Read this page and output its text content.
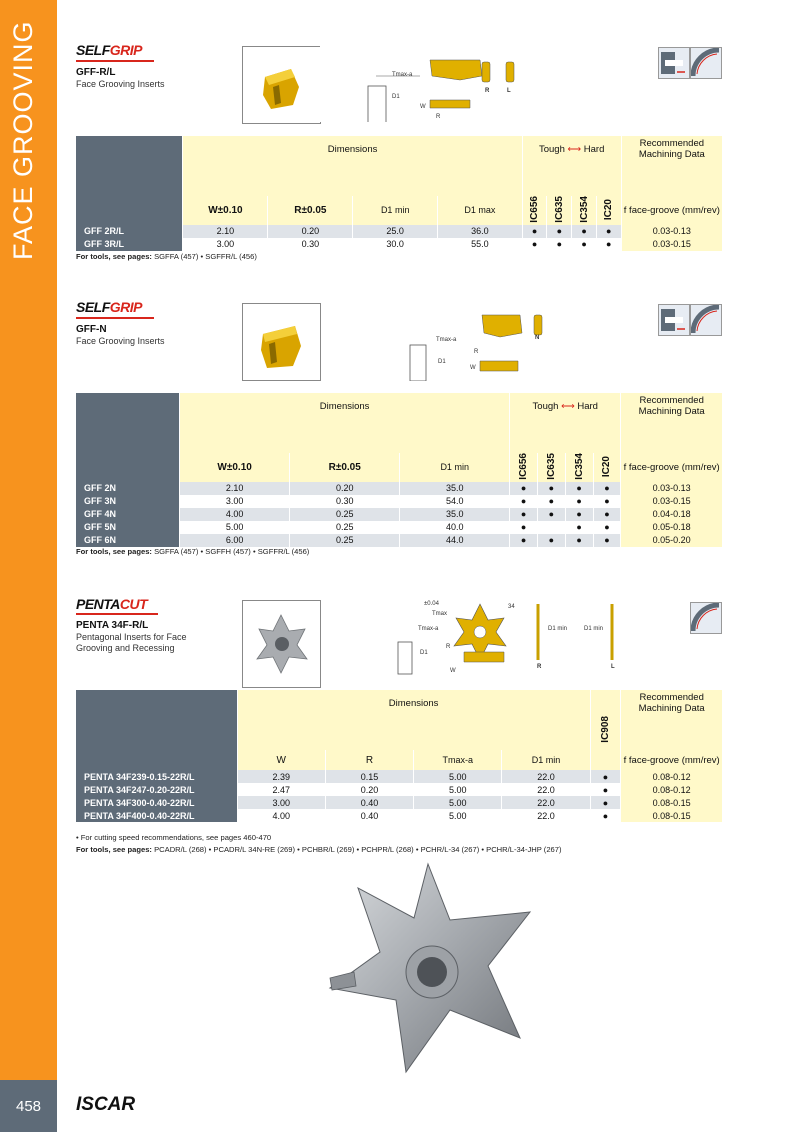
FACE GROOVING
458	ISCAR
SELFGRIP
GFF-R/L
Face Grooving Inserts
Tmax-a
D1
W
R
R	L
	Dimensions				Tough ⟷ Hard				Recommended Machining Data
	W±0.10	R±0.05	D1 min	D1 max	IC656	IC635	IC354	IC20	f face-groove (mm/rev)
GFF 2R/L	2.10	0.20	25.0	36.0	●	●	●	●	0.03-0.13
GFF 3R/L	3.00	0.30	30.0	55.0	●	●	●	●	0.03-0.15
For tools, see pages: SGFFA (457) • SGFFR/L (456)
SELFGRIP
GFF-N
Face Grooving Inserts	Tmax-a
D1
W
R
N
	Dimensions			Tough ⟷ Hard				Recommended Machining Data
	W±0.10	R±0.05	D1 min	IC656	IC635	IC354	IC20	f face-groove (mm/rev)
GFF 2N	2.10	0.20	35.0	●	●	●	●	0.03-0.13
GFF 3N	3.00	0.30	54.0	●	●	●	●	0.03-0.15
GFF 4N	4.00	0.25	35.0	●	●	●	●	0.04-0.18
GFF 5N	5.00	0.25	40.0	●		●	●	0.05-0.18
GFF 6N	6.00	0.25	44.0	●	●	●	●	0.05-0.20
For tools, see pages: SGFFA (457) • SGFFH (457) • SGFFR/L (456)
PENTACUT
PENTA 34F-R/L
Pentagonal Inserts for Face Grooving and Recessing
±0.04
Tmax
34
Tmax-a
D1
R
W
D1 min	D1 min
R	L
	Dimensions				IC908	Recommended Machining Data
	W	R	Tmax-a	D1 min		f face-groove (mm/rev)
PENTA 34F239-0.15-22R/L	2.39	0.15	5.00	22.0	●	0.08-0.12
PENTA 34F247-0.20-22R/L	2.47	0.20	5.00	22.0	●	0.08-0.12
PENTA 34F300-0.40-22R/L	3.00	0.40	5.00	22.0	●	0.08-0.15
PENTA 34F400-0.40-22R/L	4.00	0.40	5.00	22.0	●	0.08-0.15
• For cutting speed recommendations, see pages 460-470
For tools, see pages: PCADR/L (268) • PCADR/L 34N-RE (269) • PCHBR/L (269) • PCHPR/L (268) • PCHR/L-34 (267) • PCHR/L-34-JHP (267)
